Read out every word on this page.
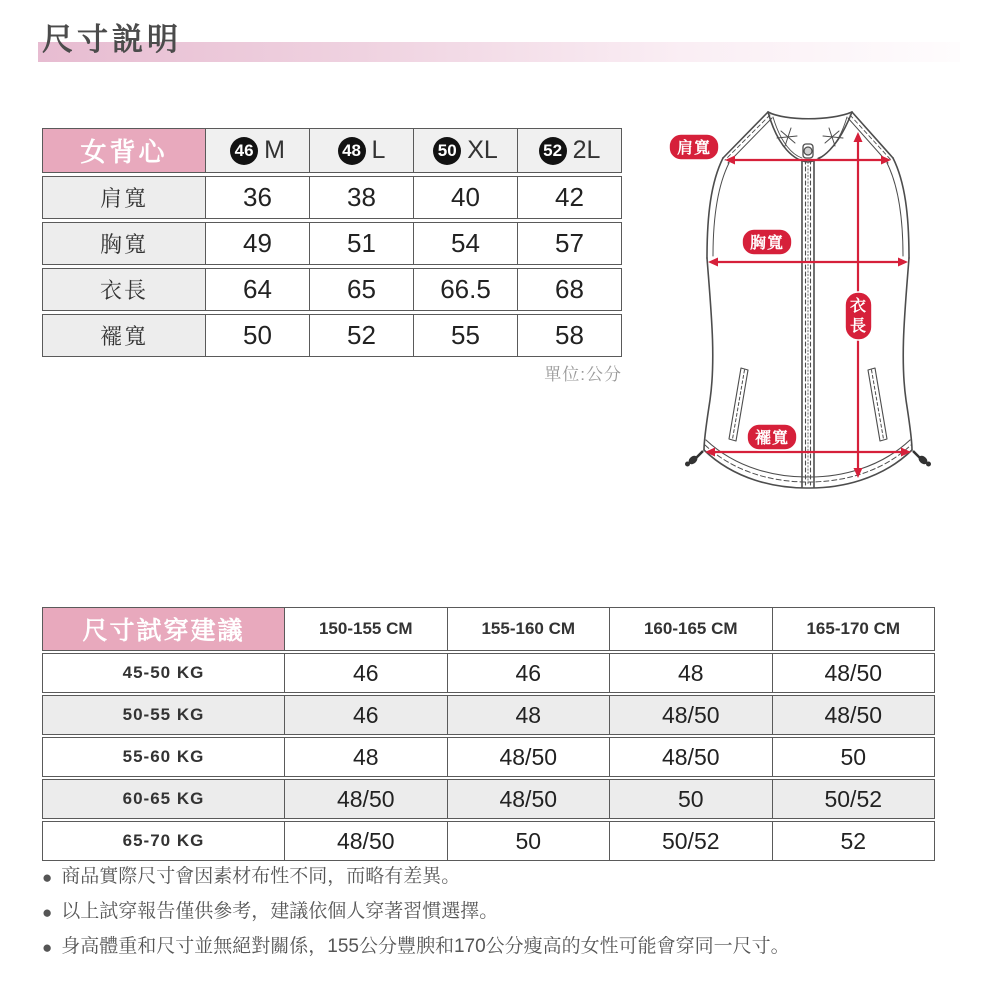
尺寸説明
女背心	46 M	48 L	50 XL	52 2L
肩寬	36	38	40	42
胸寬	49	51	54	57
衣長	64	65	66.5	68
襬寬	50	52	55	58
單位:公分
肩寬
胸寬
衣
長
襬寬
尺寸試穿建議	150-155 CM	155-160 CM	160-165 CM	165-170 CM
45-50 KG	46	46	48	48/50
50-55 KG	46	48	48/50	48/50
55-60 KG	48	48/50	48/50	50
60-65 KG	48/50	48/50	50	50/52
65-70 KG	48/50	50	50/52	52
● 商品實際尺寸會因素材布性不同，而略有差異。
● 以上試穿報告僅供參考，建議依個人穿著習慣選擇。
● 身高體重和尺寸並無絕對關係，155公分豐腴和170公分瘦高的女性可能會穿同一尺寸。
